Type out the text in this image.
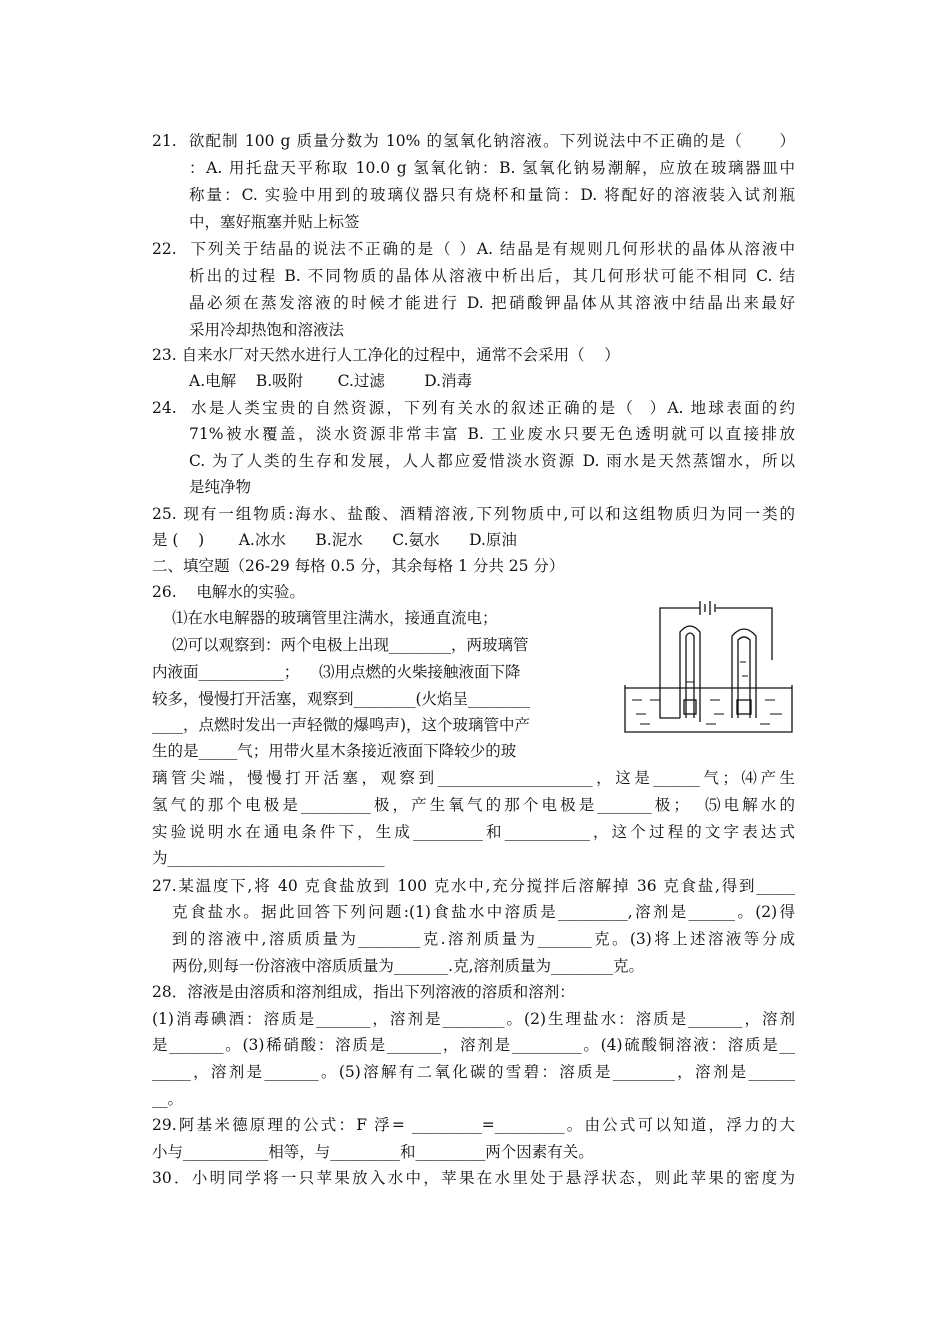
21.  欲配制 100 g 质量分数为 10% 的氢氧化钠溶液。下列说法中不正确的是（      ）
：A. 用托盘天平称取 10.0 g 氢氧化钠：B. 氢氧化钠易潮解，应放在玻璃器皿中
称量：C. 实验中用到的玻璃仪器只有烧杯和量筒：D. 将配好的溶液装入试剂瓶
中，塞好瓶塞并贴上标签
22.  下列关于结晶的说法不正确的是（ ）A. 结晶是有规则几何形状的晶体从溶液中
析出的过程 B. 不同物质的晶体从溶液中析出后，其几何形状可能不相同 C. 结
晶必须在蒸发溶液的时候才能进行 D. 把硝酸钾晶体从其溶液中结晶出来最好
采用冷却热饱和溶液法
23. 自来水厂对天然水进行人工净化的过程中，通常不会采用（    ）
A.电解    B.吸附       C.过滤        D.消毒
24.  水是人类宝贵的自然资源，下列有关水的叙述正确的是（  ）A. 地球表面的约
71%被水覆盖，淡水资源非常丰富 B. 工业废水只要无色透明就可以直接排放
C. 为了人类的生存和发展，人人都应爱惜淡水资源 D. 雨水是天然蒸馏水，所以
是纯净物
25. 现有一组物质:海水、盐酸、酒精溶液,下列物质中,可以和这组物质归为同一类的
是 (    )       A.冰水      B.泥水      C.氨水      D.原油
二、填空题（26-29 每格 0.5 分，其余每格 1 分共 25 分）
26.    电解水的实验。
⑴在水电解器的玻璃管里注满水，接通直流电；
⑵可以观察到：两个电极上出现________，两玻璃管
内液面___________；    ⑶用点燃的火柴接触液面下降
较多，慢慢打开活塞，观察到________(火焰呈________
____，点燃时发出一声轻微的爆鸣声)，这个玻璃管中产
生的是_____气；用带火星木条接近液面下降较少的玻
璃管尖端，慢慢打开活塞，观察到____________________，这是______气；⑷产生
氢气的那个电极是_________极，产生氧气的那个电极是_______极；  ⑸电解水的
实验说明水在通电条件下，生成_________和___________，这个过程的文字表达式
为____________________________
27.某温度下,将 40 克食盐放到 100 克水中,充分搅拌后溶解掉 36 克食盐,得到_____
克食盐水。据此回答下列问题:(1)食盐水中溶质是_________,溶剂是______。(2)得
到的溶液中,溶质质量为________克.溶剂质量为_______克。(3)将上述溶液等分成
两份,则每一份溶液中溶质质量为_______.克,溶剂质量为________克。
28．溶液是由溶质和溶剂组成，指出下列溶液的溶质和溶剂：
(1)消毒碘酒：溶质是_______，溶剂是________。(2)生理盐水：溶质是_______，溶剂
是_______。(3)稀硝酸：溶质是_______，溶剂是_________。(4)硫酸铜溶液：溶质是__
_____，溶剂是_______。(5)溶解有二氧化碳的雪碧：溶质是________，溶剂是______
__。
29.阿基米德原理的公式：F 浮= _________=_________。由公式可以知道，浮力的大
小与___________相等，与_________和_________两个因素有关。
30．小明同学将一只苹果放入水中，苹果在水里处于悬浮状态，则此苹果的密度为
